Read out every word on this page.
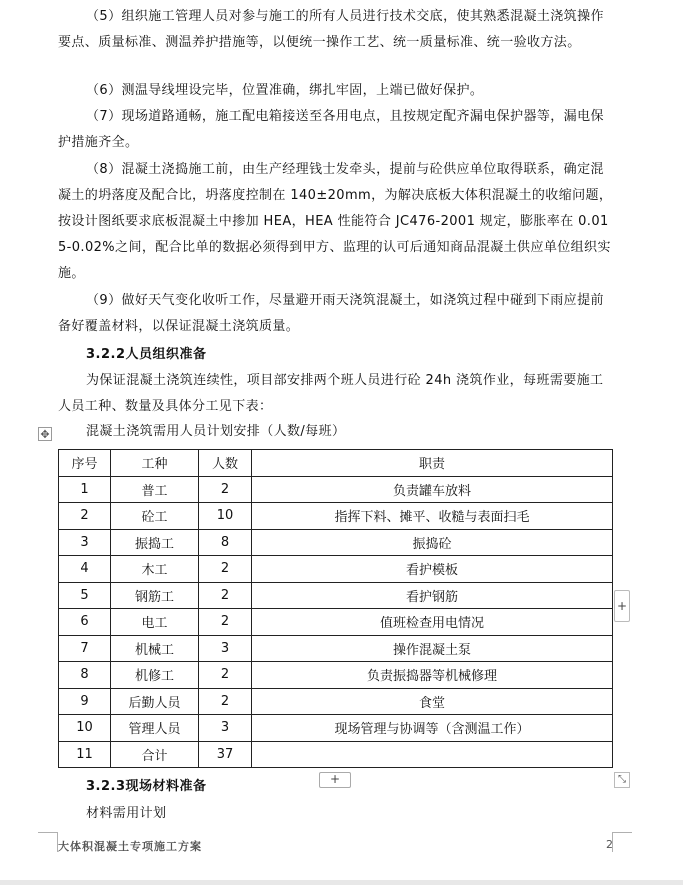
（5）组织施工管理人员对参与施工的所有人员进行技术交底，使其熟悉混凝土浇筑操作要点、质量标准、测温养护措施等，以便统一操作工艺、统一质量标准、统一验收方法。

（6）测温导线埋设完毕，位置准确，绑扎牢固，上端已做好保护。

（7）现场道路通畅，施工配电箱接送至各用电点，且按规定配齐漏电保护器等，漏电保护措施齐全。

（8）混凝土浇捣施工前，由生产经理钱士发牵头，提前与砼供应单位取得联系，确定混凝土的坍落度及配合比，坍落度控制在 140±20mm，为解决底板大体积混凝土的收缩问题，按设计图纸要求底板混凝土中掺加 HEA，HEA 性能符合 JC476-2001 规定，膨胀率在 0.015-0.02%之间，配合比单的数据必须得到甲方、监理的认可后通知商品混凝土供应单位组织实施。

（9）做好天气变化收听工作，尽量避开雨天浇筑混凝土，如浇筑过程中碰到下雨应提前备好覆盖材料，以保证混凝土浇筑质量。

3.2.2人员组织准备

为保证混凝土浇筑连续性，项目部安排两个班人员进行砼 24h 浇筑作业，每班需要施工人员工种、数量及具体分工见下表：

✥	混凝土浇筑需用人员计划安排（人数/每班）
序号	工种	人数	职责
1	普工	2	负责罐车放料
2	砼工	10	指挥下料、摊平、收糙与表面扫毛
3	振捣工	8	振捣砼
4	木工	2	看护模板
5	钢筋工	2	看护钢筋
6	电工	2	值班检查用电情况
7	机械工	3	操作混凝土泵
8	机修工	2	负责振捣器等机械修理
9	后勤人员	2	食堂
10	管理人员	3	现场管理与协调等（含测温工作）
11	合计	37	
+
+	⤡
3.2.3现场材料准备
材料需用计划
大体积混凝土专项施工方案	2
